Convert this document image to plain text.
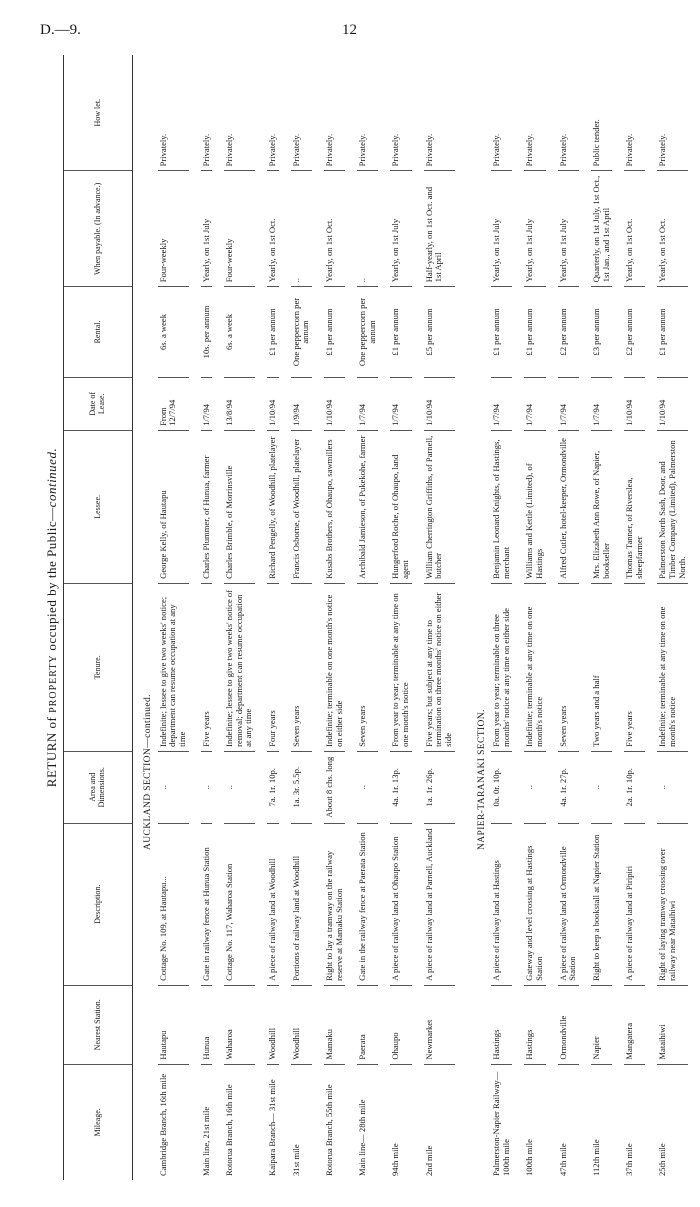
D.—9.	12
RETURN of PROPERTY occupied by the Public—continued.
Mileage.	Nearest Station.	Description.	Area and Dimensions.	Tenure.	Lessee.	Date of Lease.	Rental.	When payable. (In advance.)	How let.
AUCKLAND SECTION—continued.									
Cambridge Branch, 16th mile	Hautapu	Cottage No. 109, at Hautapu...	..	Indefinite; lessee to give two weeks' notice; department can resume occupation at any time	George Kelly, of Hautapu	From 12/7/94	6s. a week	Four-weekly	Privately.

Main line, 21st mile	Hunua	Gate in railway fence at Hunua Station	..	Five years	Charles Plummer, of Hunua, farmer	1/7/94	10s. per annum	Yearly, on 1st July	Privately.

Rotorua Branch, 16th mile	Waharoa	Cottage No. 117, Waharoa Station	..	Indefinite; lessee to give two weeks' notice of removal; department can resume occupation at any time	Charles Brimble, of Morrinsville	13/8/94	6s. a week	Four-weekly	Privately.

Kaipara Branch— 31st mile	Woodhill	A piece of railway land at Woodhill	7a. 1r. 10p.	Four years	Richard Pengelly, of Woodhill, platelayer	1/10/94	£1 per annum	Yearly, on 1st Oct.	Privately.

31st mile	Woodhill	Portions of railway land at Woodhill	1a. 3r. 5.5p.	Seven years	Francis Osborne, of Woodhill, platelayer	1/9/94	One peppercorn per annum	..	Privately.

Rotorua Branch, 55th mile	Mamaku	Right to lay a tramway on the railway reserve at Mamaku Station	About 8 chs. long	Indefinite; terminable on one month's notice on either side	Kusabs Brothers, of Ohaupo, sawmillers	1/10/94	£1 per annum	Yearly, on 1st Oct.	Privately.

Main line— 28th mile	Paerata	Gate in the railway fence at Paerata Station	..	Seven years	Archibald Jamieson, of Pukekohe, farmer	1/7/94	One peppercorn per annum	..	Privately.

94th mile	Ohaupo	A piece of railway land at Ohaupo Station	4a. 1r. 13p.	From year to year; terminable at any time on one month's notice	Hungerford Roche, of Ohaupo, land agent	1/7/94	£1 per annum	Yearly, on 1st July	Privately.

2nd mile	Newmarket	A piece of railway land at Parnell, Auckland	1a. 1r. 26p.	Five years; but subject at any time to termination on three months' notice on either side	William Cherrington Griffiths, of Parnell, butcher	1/10/94	£5 per annum	Half-yearly, on 1st Oct. and 1st April	Privately.

NAPIER-TARANAKI SECTION.									
Palmerston-Napier Railway— 100th mile	Hastings	A piece of railway land at Hastings	0a. 0r. 10p.	From year to year; terminable on three months' notice at any time on either side	Benjamin Leonard Knights, of Hastings, merchant	1/7/94	£1 per annum	Yearly, on 1st July	Privately.

100th mile	Hastings	Gateway and level crossing at Hastings Station	..	Indefinite; terminable at any time on one month's notice	Williams and Kettle (Limited), of Hastings	1/7/94	£1 per annum	Yearly, on 1st July	Privately.

47th mile	Ormondville	A piece of railway land at Ormondville Station	4a. 1r. 27p.	Seven years	Alfred Cutler, hotel-keeper, Ormondville	1/7/94	£2 per annum	Yearly, on 1st July	Privately.

112th mile	Napier	Right to keep a bookstall at Napier Station	..	Two years and a half	Mrs. Elizabeth Ann Rowe, of Napier, bookseller	1/7/94	£3 per annum	Quarterly, on 1st July, 1st Oct., 1st Jan., and 1st April	Public tender.

37th mile	Mangatera	A piece of railway land at Piripiri	2a. 1r. 10p.	Five years	Thomas Tanner, of Riverslea, sheepfarmer	1/10/94	£2 per annum	Yearly, on 1st Oct.	Privately.

25th mile	Mataihiwi	Right of laying tramway crossing over railway near Mataihiwi	..	Indefinite; terminable at any time on one month's notice	Palmerston North Sash, Door, and Timber Company (Limited), Palmerston North.	1/10/94	£1 per annum	Yearly, on 1st Oct.	Privately.
